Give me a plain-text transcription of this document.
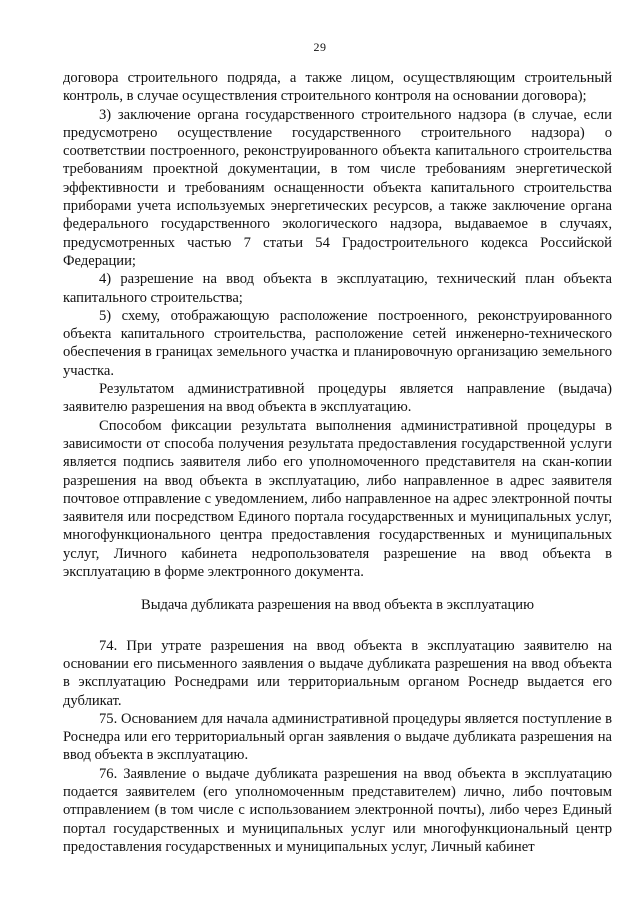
29

договора строительного подряда, а также лицом, осуществляющим строительный контроль, в случае осуществления строительного контроля на основании договора);

3) заключение органа государственного строительного надзора (в случае, если предусмотрено осуществление государственного строительного надзора) о соответствии построенного, реконструированного объекта капитального строительства требованиям проектной документации, в том числе требованиям энергетической эффективности и требованиям оснащенности объекта капитального строительства приборами учета используемых энергетических ресурсов, а также заключение органа федерального государственного экологического надзора, выдаваемое в случаях, предусмотренных частью 7 статьи 54 Градостроительного кодекса Российской Федерации;

4) разрешение на ввод объекта в эксплуатацию, технический план объекта капитального строительства;

5) схему, отображающую расположение построенного, реконструированного объекта капитального строительства, расположение сетей инженерно-технического обеспечения в границах земельного участка и планировочную организацию земельного участка.

Результатом административной процедуры является направление (выдача) заявителю разрешения на ввод объекта в эксплуатацию.

Способом фиксации результата выполнения административной процедуры в зависимости от способа получения результата предоставления государственной услуги является подпись заявителя либо его уполномоченного представителя на скан-копии разрешения на ввод объекта в эксплуатацию, либо направленное в адрес заявителя почтовое отправление с уведомлением, либо направленное на адрес электронной почты заявителя или посредством Единого портала государственных и муниципальных услуг, многофункционального центра предоставления государственных и муниципальных услуг, Личного кабинета недропользователя разрешение на ввод объекта в эксплуатацию в форме электронного документа.

Выдача дубликата разрешения на ввод объекта в эксплуатацию

74. При утрате разрешения на ввод объекта в эксплуатацию заявителю на основании его письменного заявления о выдаче дубликата разрешения на ввод объекта в эксплуатацию Роснедрами или территориальным органом Роснедр выдается его дубликат.

75. Основанием для начала административной процедуры является поступление в Роснедра или его территориальный орган заявления о выдаче дубликата разрешения на ввод объекта в эксплуатацию.

76. Заявление о выдаче дубликата разрешения на ввод объекта в эксплуатацию подается заявителем (его уполномоченным представителем) лично, либо почтовым отправлением (в том числе с использованием электронной почты), либо через Единый портал государственных и муниципальных услуг или многофункциональный центр предоставления государственных и муниципальных услуг, Личный кабинет
